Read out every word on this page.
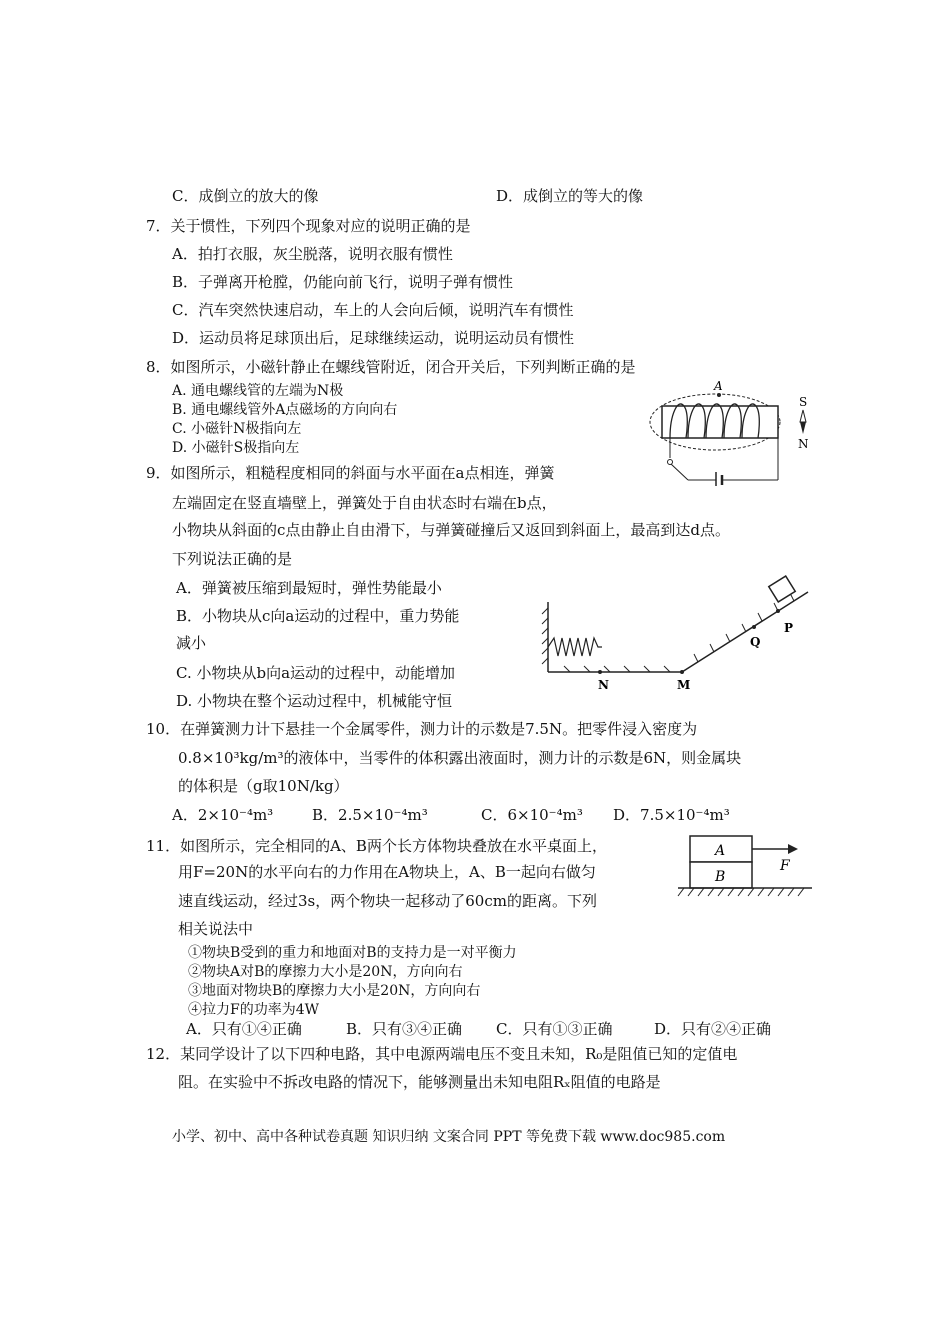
C．成倒立的放大的像	D．成倒立的等大的像
7．关于惯性，下列四个现象对应的说明正确的是
A．拍打衣服，灰尘脱落，说明衣服有惯性
B．子弹离开枪膛，仍能向前飞行，说明子弹有惯性
C．汽车突然快速启动，车上的人会向后倾，说明汽车有惯性
D．运动员将足球顶出后，足球继续运动，说明运动员有惯性
8．如图所示，小磁针静止在螺线管附近，闭合开关后，下列判断正确的是
A. 通电螺线管的左端为N极
B. 通电螺线管外A点磁场的方向向右
C. 小磁针N极指向左
D. 小磁针S极指向左
A
S
N
9．如图所示，粗糙程度相同的斜面与水平面在a点相连，弹簧
左端固定在竖直墙壁上，弹簧处于自由状态时右端在b点，
小物块从斜面的c点由静止自由滑下，与弹簧碰撞后又返回到斜面上，最高到达d点。
下列说法正确的是
A．弹簧被压缩到最短时，弹性势能最小
B．小物块从c向a运动的过程中，重力势能
减小
C. 小物块从b向a运动的过程中，动能增加
D. 小物块在整个运动过程中，机械能守恒
N	M
Q
P
10．在弹簧测力计下悬挂一个金属零件，测力计的示数是7.5N。把零件浸入密度为
0.8×10³kg/m³的液体中，当零件的体积露出液面时，测力计的示数是6N，则金属块
的体积是（g取10N/kg）
A．2×10⁻⁴m³	B．2.5×10⁻⁴m³	C．6×10⁻⁴m³ D．7.5×10⁻⁴m³
11．如图所示，完全相同的A、B两个长方体物块叠放在水平桌面上，
用F=20N的水平向右的力作用在A物块上，A、B一起向右做匀
速直线运动，经过3s，两个物块一起移动了60cm的距离。下列
相关说法中
①物块B受到的重力和地面对B的支持力是一对平衡力
②物块A对B的摩擦力大小是20N，方向向右
③地面对物块B的摩擦力大小是20N，方向向右
④拉力F的功率为4W
A．只有①④正确	B．只有③④正确 C．只有①③正确	D．只有②④正确
A
B
F
12．某同学设计了以下四种电路，其中电源两端电压不变且未知，R₀是阻值已知的定值电
阻。在实验中不拆改电路的情况下，能够测量出未知电阻Rₓ阻值的电路是
小学、初中、高中各种试卷真题 知识归纳 文案合同 PPT 等免费下载 www.doc985.com
